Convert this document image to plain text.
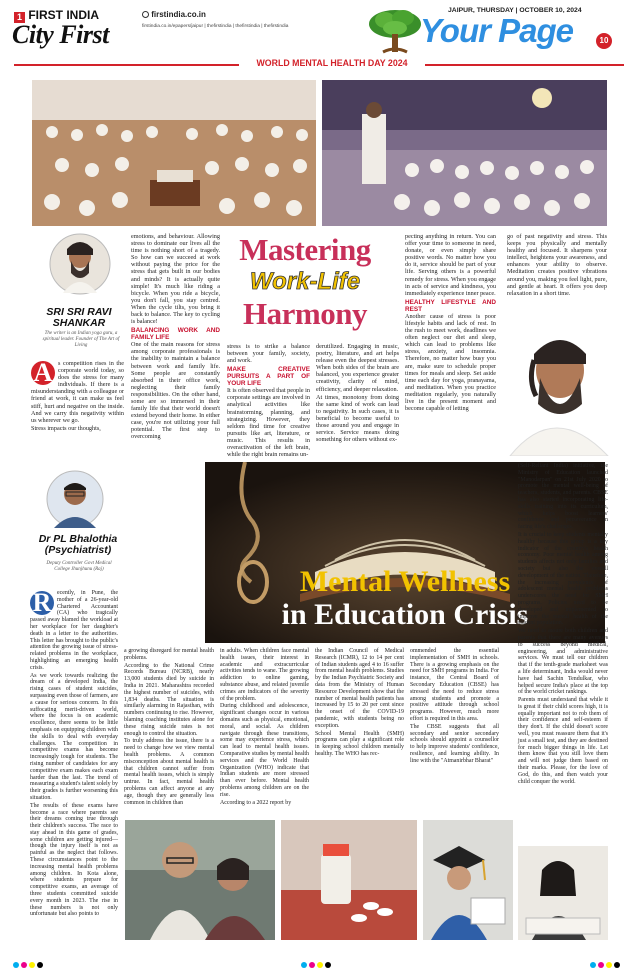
1 FIRST INDIA
City First
firstindia.co.in
firstindia.co.in/epapers/jaipur | thefirstindia | thefirstindia | thefirstindia
JAIPUR, THURSDAY | OCTOBER 10, 2024
Your Page	10
WORLD MENTAL HEALTH DAY 2024
SRI SRI RAVI SHANKAR
The writer is an Indian yoga guru, a spiritual leader. Founder of The Art of Living
A s competition rises in the corporate world today, so does the stress for many individuals. If there is a misunderstanding with a colleague or friend at work, it can make us feel stiff, hurt and negative on the inside. And we carry this negativity within us wherever we go.

Stress impacts our thoughts,

emotions, and behaviour. Allowing stress to dominate our lives all the time is nothing short of a tragedy. So how can we succeed at work without paying the price for the stress that gets built in our bodies and minds? It is actually quite simple! It's much like riding a bicycle. When you ride a bicycle, you don't fall, you stay centred. When the cycle tilts, you bring it back to balance. The key to cycling is balance!

BALANCING WORK AND FAMILY LIFE

One of the main reasons for stress among corporate professionals is the inability to maintain a balance between work and family life. Some people are constantly absorbed in their office work, neglecting their family responsibilities. On the other hand, some are so immersed in their family life that their world doesn't extend beyond their home. In either case, you're not utilizing your full potential. The first step to overcoming

Mastering
Work-Life
Harmony

stress is to strike a balance between your family, society, and work.

MAKE CREATIVE PURSUITS A PART OF YOUR LIFE

It is often observed that people in corporate settings are involved in analytical activities like brainstorming, planning, and strategizing. However, they seldom find time for creative pursuits like art, literature, or music. This results in overactivation of the left brain, while the right brain remains un-

derutilized. Engaging in music, poetry, literature, and art helps release even the deepest stresses. When both sides of the brain are balanced, you experience greater creativity, clarity of mind, efficiency, and deeper relaxation.

At times, monotony from doing the same kind of work can lead to negativity. In such cases, it is beneficial to become useful to those around you and engage in service. Service means doing something for others without ex-

pecting anything in return. You can offer your time to someone in need, donate, or even simply share positive words. No matter how you do it, service should be part of your life. Serving others is a powerful remedy for stress. When you engage in acts of service and kindness, you immediately experience inner peace.

HEALTHY LIFESTYLE AND REST

Another cause of stress is poor lifestyle habits and lack of rest. In the rush to meet work, deadlines we often neglect our diet and sleep, which can lead to problems like stress, anxiety, and insomnia. Therefore, no matter how busy you are, make sure to schedule proper times for meals and sleep. Set aside time each day for yoga, pranayama, and meditation. When you practice meditation regularly, you naturally live in the present moment and become capable of letting

go of past negativity and stress. This keeps you physically and mentally healthy and focused. It sharpens your intellect, heightens your awareness, and enhances your ability to observe. Meditation creates positive vibrations around you, making you feel light, pure, and gentle at heart. It offers you deep relaxation in a short time.

Dr PL Bhalothia (Psychiatrist)
Deputy Controller Govt Medical College Jhunjhunu (Raj)	Mental Wellness
in Education Crisis
R ecently, in Pune, the mother of a 26-year-old Chartered Accountant (CA) who tragically passed away blamed the workload at her workplace for her daughter's death in a letter to the authorities. This letter has brought to the public's attention the growing issue of stress-related problems in the workplace, highlighting an emerging health crisis.

As we work towards realizing the dream of a developed India, the rising cases of student suicides, surpassing even those of farmers, are a cause for serious concern. In this suffocating merit-driven world, where the focus is on academic excellence, there seems to be little emphasis on equipping children with the skills to deal with everyday challenges. The competition in competitive exams has become increasingly tough for students. The rising number of candidates for any competitive exam makes each exam harder than the last. The trend of measuring a student's talent solely by their grades is further worsening this situation.

The results of these exams have become a race where parents see their dreams coming true through their children's success. The race to stay ahead in this game of grades, some children are getting injured—though the injury itself is not as painful as the neglect that follows. These circumstances point to the increasing mental health problems among children. In Kota alone, where students prepare for competitive exams, an average of three students committed suicide every month in 2023. The rise in these numbers is not only unfortunate but also points to

a growing disregard for mental health problems.

According to the National Crime Records Bureau (NCRB), nearly 13,000 students died by suicide in India in 2021. Maharashtra recorded the highest number of suicides, with 1,834 deaths. The situation is similarly alarming in Rajasthan, with numbers continuing to rise. However, blaming coaching institutes alone for these rising suicide rates is not enough to control the situation.

To truly address the issue, there is a need to change how we view mental health problems. A common misconception about mental health is that children cannot suffer from mental health issues, which is simply untrue. In fact, mental health problems can affect anyone at any age, though they are generally less common in children than

in adults. When children face mental health issues, their interest in academic and extracurricular activities tends to wane. The growing addiction to online gaming, substance abuse, and related juvenile crimes are indicators of the severity of the problem.

During childhood and adolescence, significant changes occur in various domains such as physical, emotional, moral, and social. As children navigate through these transitions, some may experience stress, which can lead to mental health issues. Comparative studies by mental health services and the World Health Organization (WHO) indicate that Indian students are more stressed than ever before. Mental health problems among children are on the rise.

According to a 2022 report by

the Indian Council of Medical Research (ICMR), 12 to 14 per cent of Indian students aged 4 to 16 suffer from mental health problems. Studies by the Indian Psychiatric Society and data from the Ministry of Human Resource Development show that the number of mental health patients has increased by 15 to 20 per cent since the onset of the COVID-19 pandemic, with students being no exception.

School Mental Health (SMH) programs can play a significant role in keeping school children mentally healthy. The WHO has rec-

ommended the essential implementation of SMH in schools. There is a growing emphasis on the need for SMH programs in India. For instance, the Central Board of Secondary Education (CBSE) has stressed the need to reduce stress among students and promote a positive attitude through school programs. However, much more effort is required in this area.

The CBSE suggests that all secondary and senior secondary schools should appoint a counsellor to help improve students' confidence, resilience, and learning ability. In line with the "Atmanirbhar Bharat"

(Self-Reliant India) initiative, the Ministry of Education launched "Manodarpan" on 21st July 2020 to promote the mental well-being of teachers, students, and parents. CBSE has also started incorporating life-skills training into its curriculum, which helps boost learners' confidence and perseverance in facing life's challenges.

It is crucial to keep students mentally healthy because this group is a key indicator of the country's health economy. Poor mental health among students affects not only families and society but also the overall development of the nation. Therefore, the increasing prevalence of adolescent mental health problems underscores the need for SMH programs. Policies need to be developed and implemented to improve the mental health of the student population.

We need to assure both children and parents that there are many avenues to success beyond medical, engineering, and administrative services. We must tell our children that if the tenth-grade marksheet was a life determinant, India would never have had Sachin Tendulkar, who helped secure India's place at the top of the world cricket rankings.

Parents must understand that while it is great if their child scores high, it is equally important not to rob them of their confidence and self-esteem if they don't. If the child doesn't score well, you must reassure them that it's just a small test, and they are destined for much bigger things in life. Let them know that you still love them and will not judge them based on their marks. Please, for the love of God, do this, and then watch your child conquer the world.
